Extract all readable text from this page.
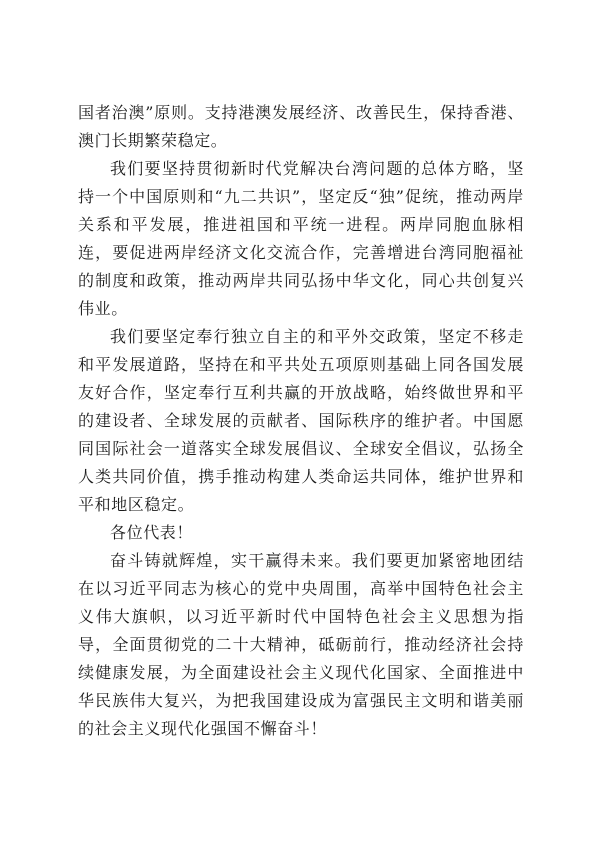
国者治澳”原则。支持港澳发展经济、改善民生，保持香港、澳门长期繁荣稳定。

我们要坚持贯彻新时代党解决台湾问题的总体方略，坚持一个中国原则和“九二共识”，坚定反“独”促统，推动两岸关系和平发展，推进祖国和平统一进程。两岸同胞血脉相连，要促进两岸经济文化交流合作，完善增进台湾同胞福祉的制度和政策，推动两岸共同弘扬中华文化，同心共创复兴伟业。

我们要坚定奉行独立自主的和平外交政策，坚定不移走和平发展道路，坚持在和平共处五项原则基础上同各国发展友好合作，坚定奉行互利共赢的开放战略，始终做世界和平的建设者、全球发展的贡献者、国际秩序的维护者。中国愿同国际社会一道落实全球发展倡议、全球安全倡议，弘扬全人类共同价值，携手推动构建人类命运共同体，维护世界和平和地区稳定。

各位代表！

奋斗铸就辉煌，实干赢得未来。我们要更加紧密地团结在以习近平同志为核心的党中央周围，高举中国特色社会主义伟大旗帜，以习近平新时代中国特色社会主义思想为指导，全面贯彻党的二十大精神，砥砺前行，推动经济社会持续健康发展，为全面建设社会主义现代化国家、全面推进中华民族伟大复兴，为把我国建设成为富强民主文明和谐美丽的社会主义现代化强国不懈奋斗！
